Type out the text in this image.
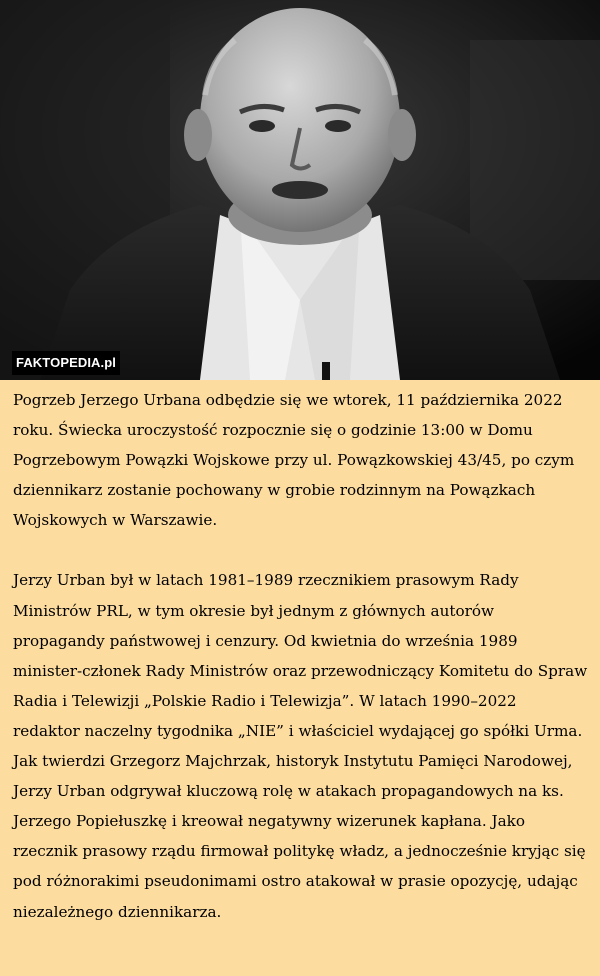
FAKTOPEDIA.pl

Pogrzeb Jerzego Urbana odbędzie się we wtorek, 11 października 2022 roku. Świecka uroczystość rozpocznie się o godzinie 13:00 w Domu Pogrzebowym Powązki Wojskowe przy ul. Powązkowskiej 43/45, po czym dziennikarz zostanie pochowany w grobie rodzinnym na Powązkach Wojskowych w Warszawie.

Jerzy Urban był w latach 1981–1989 rzecznikiem prasowym Rady Ministrów PRL, w tym okresie był jednym z głównych autorów propagandy państwowej i cenzury. Od kwietnia do września 1989 minister-członek Rady Ministrów oraz przewodniczący Komitetu do Spraw Radia i Telewizji „Polskie Radio i Telewizja”. W latach 1990–2022 redaktor naczelny tygodnika „NIE” i właściciel wydającej go spółki Urma. Jak twierdzi Grzegorz Majchrzak, historyk Instytutu Pamięci Narodowej, Jerzy Urban odgrywał kluczową rolę w atakach propagandowych na ks. Jerzego Popiełuszkę i kreował negatywny wizerunek kapłana. Jako rzecznik prasowy rządu firmował politykę władz, a jednocześnie kryjąc się pod różnorakimi pseudonimami ostro atakował w prasie opozycję, udając niezależnego dziennikarza.
